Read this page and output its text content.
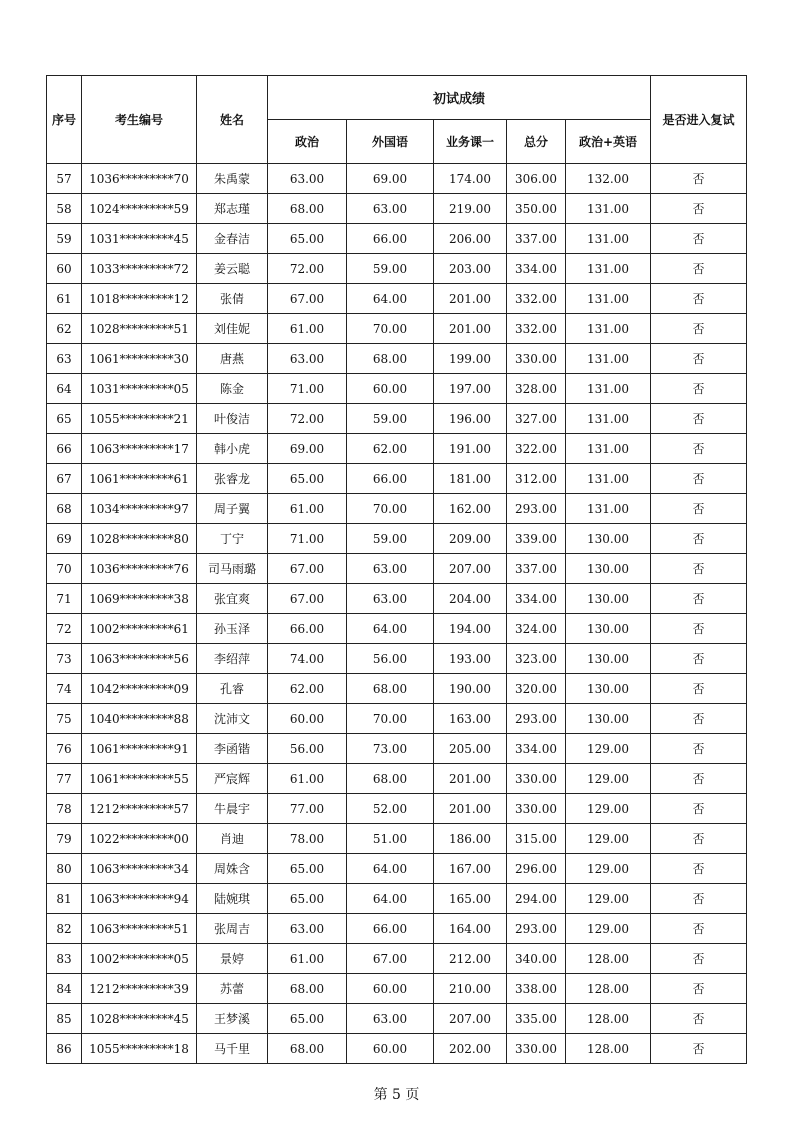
序号	考生编号	姓名	初试成绩					是否进入复试
			政治	外国语	业务课一	总分	政治+英语	
57	1036*********70	朱禹蒙	63.00	69.00	174.00	306.00	132.00	否
58	1024*********59	郑志瑾	68.00	63.00	219.00	350.00	131.00	否
59	1031*********45	金春洁	65.00	66.00	206.00	337.00	131.00	否
60	1033*********72	姜云聪	72.00	59.00	203.00	334.00	131.00	否
61	1018*********12	张倩	67.00	64.00	201.00	332.00	131.00	否
62	1028*********51	刘佳妮	61.00	70.00	201.00	332.00	131.00	否
63	1061*********30	唐燕	63.00	68.00	199.00	330.00	131.00	否
64	1031*********05	陈金	71.00	60.00	197.00	328.00	131.00	否
65	1055*********21	叶俊洁	72.00	59.00	196.00	327.00	131.00	否
66	1063*********17	韩小虎	69.00	62.00	191.00	322.00	131.00	否
67	1061*********61	张睿龙	65.00	66.00	181.00	312.00	131.00	否
68	1034*********97	周子翼	61.00	70.00	162.00	293.00	131.00	否
69	1028*********80	丁宁	71.00	59.00	209.00	339.00	130.00	否
70	1036*********76	司马雨璐	67.00	63.00	207.00	337.00	130.00	否
71	1069*********38	张宜爽	67.00	63.00	204.00	334.00	130.00	否
72	1002*********61	孙玉泽	66.00	64.00	194.00	324.00	130.00	否
73	1063*********56	李绍萍	74.00	56.00	193.00	323.00	130.00	否
74	1042*********09	孔睿	62.00	68.00	190.00	320.00	130.00	否
75	1040*********88	沈沛文	60.00	70.00	163.00	293.00	130.00	否
76	1061*********91	李函锴	56.00	73.00	205.00	334.00	129.00	否
77	1061*********55	严宸辉	61.00	68.00	201.00	330.00	129.00	否
78	1212*********57	牛晨宇	77.00	52.00	201.00	330.00	129.00	否
79	1022*********00	肖迪	78.00	51.00	186.00	315.00	129.00	否
80	1063*********34	周姝含	65.00	64.00	167.00	296.00	129.00	否
81	1063*********94	陆婉琪	65.00	64.00	165.00	294.00	129.00	否
82	1063*********51	张周吉	63.00	66.00	164.00	293.00	129.00	否
83	1002*********05	景婷	61.00	67.00	212.00	340.00	128.00	否
84	1212*********39	苏蕾	68.00	60.00	210.00	338.00	128.00	否
85	1028*********45	王梦溪	65.00	63.00	207.00	335.00	128.00	否
86	1055*********18	马千里	68.00	60.00	202.00	330.00	128.00	否
第 5 页
